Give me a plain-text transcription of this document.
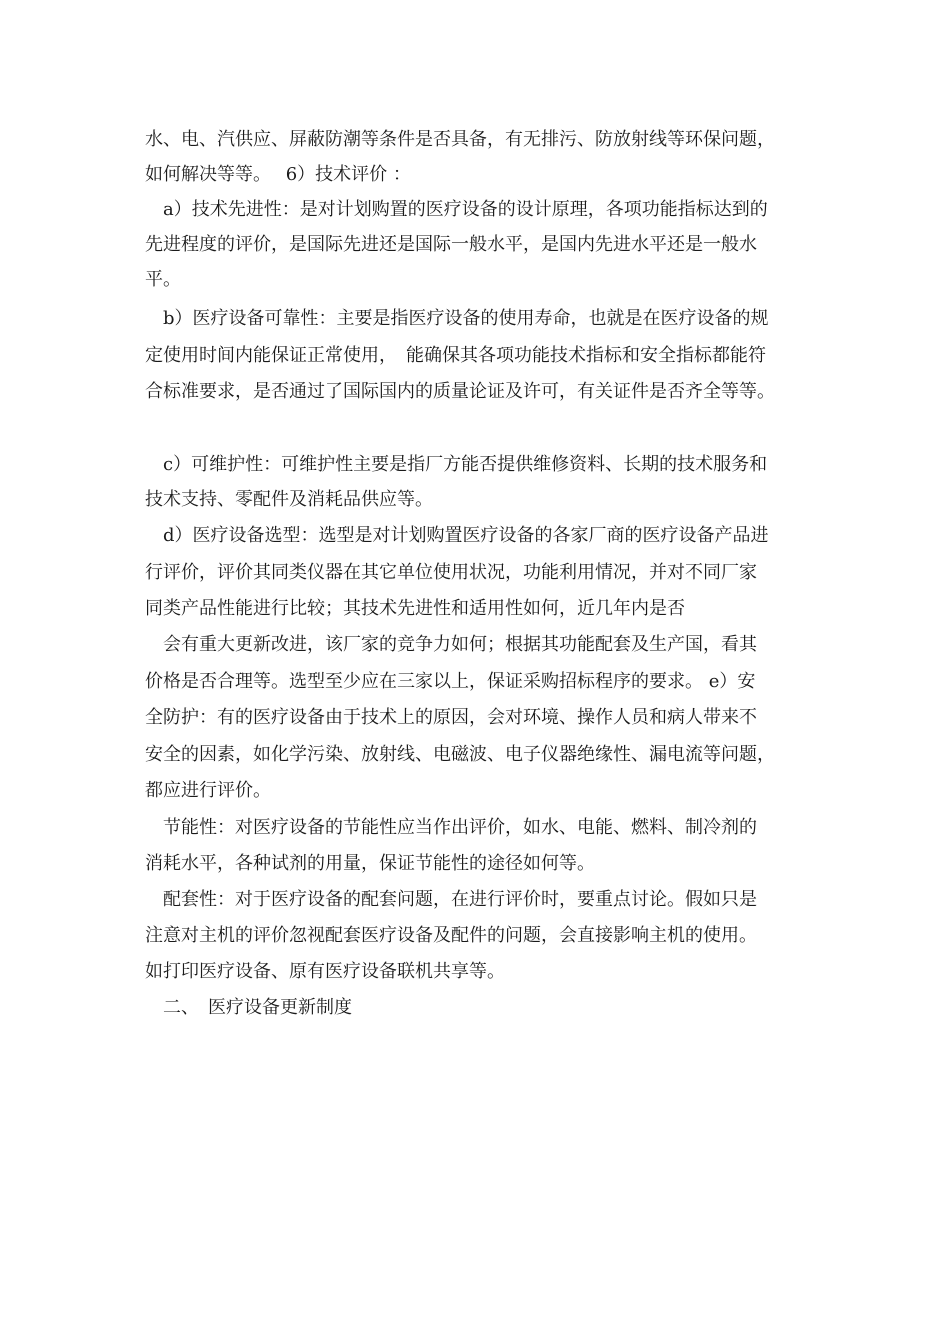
水、电、汽供应、屏蔽防潮等条件是否具备，有无排污、防放射线等环保问题，
如何解决等等。　 6）技术评价 ：
a）技术先进性：是对计划购置的医疗设备的设计原理，各项功能指标达到的
先进程度的评价，是国际先进还是国际一般水平，是国内先进水平还是一般水
平。
b）医疗设备可靠性：主要是指医疗设备的使用寿命，也就是在医疗设备的规
定使用时间内能保证正常使用，　能确保其各项功能技术指标和安全指标都能符
合标准要求，是否通过了国际国内的质量论证及许可，有关证件是否齐全等等。
c）可维护性：可维护性主要是指厂方能否提供维修资料、长期的技术服务和
技术支持、零配件及消耗品供应等。
d）医疗设备选型：选型是对计划购置医疗设备的各家厂商的医疗设备产品进
行评价，评价其同类仪器在其它单位使用状况，功能利用情况，并对不同厂家
同类产品性能进行比较；其技术先进性和适用性如何，近几年内是否
会有重大更新改进，该厂家的竞争力如何；根据其功能配套及生产国，看其
价格是否合理等。选型至少应在三家以上，保证采购招标程序的要求。 e）安
全防护：有的医疗设备由于技术上的原因，会对环境、操作人员和病人带来不
安全的因素，如化学污染、放射线、电磁波、电子仪器绝缘性、漏电流等问题，
都应进行评价。
节能性：对医疗设备的节能性应当作出评价，如水、电能、燃料、制冷剂的
消耗水平，各种试剂的用量，保证节能性的途径如何等。
配套性：对于医疗设备的配套问题，在进行评价时，要重点讨论。假如只是
注意对主机的评价忽视配套医疗设备及配件的问题，会直接影响主机的使用。
如打印医疗设备、原有医疗设备联机共享等。
二、　医疗设备更新制度
